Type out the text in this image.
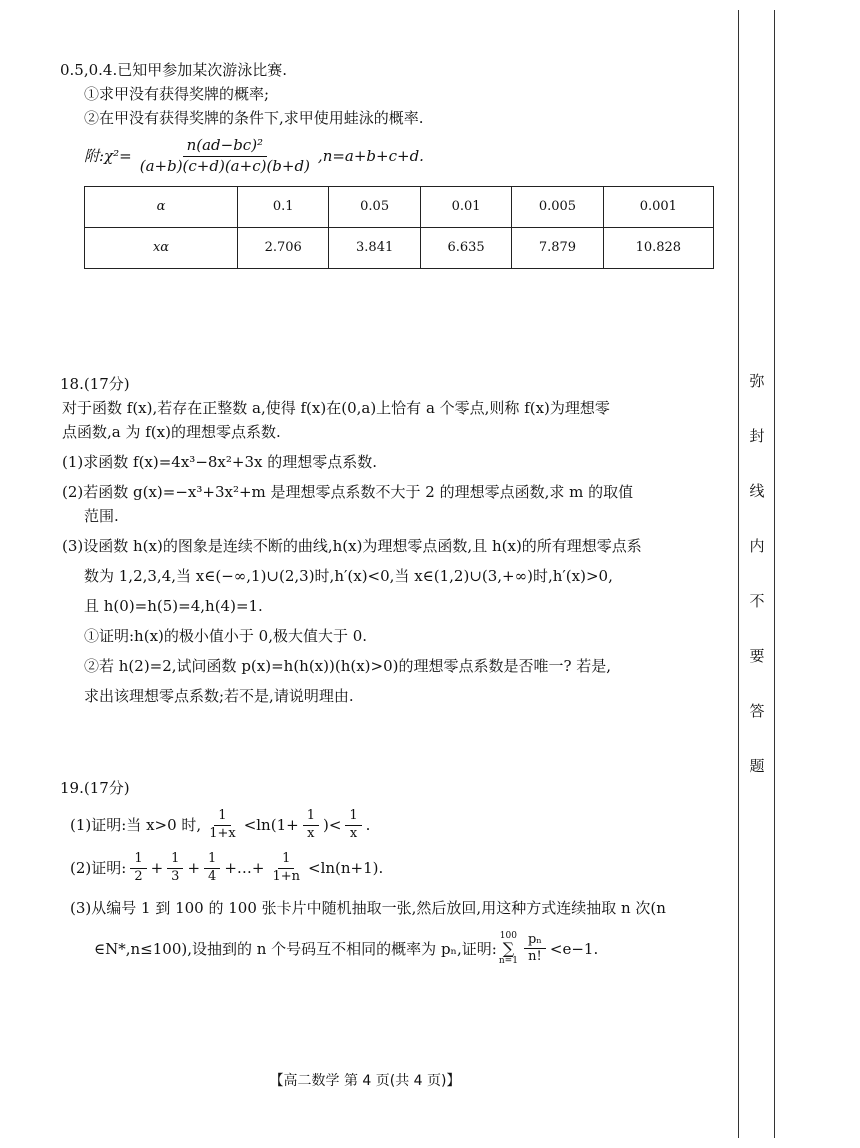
0.5,0.4.已知甲参加某次游泳比赛.

①求甲没有获得奖牌的概率;

②在甲没有获得奖牌的条件下,求甲使用蛙泳的概率.

附:χ²= $\frac{\text{n(ad−bc)²}}{(a+b)(c+d)(a+c)(b+d)} ,n=a+b+c+d$.
α	0.1	0.05	0.01	0.005	0.001
xα	2.706	3.841	6.635	7.879	10.828

18.(17分)

对于函数 f(x),若存在正整数 a,使得 f(x)在(0,a)上恰有 a 个零点,则称 f(x)为理想零

点函数,a 为 f(x)的理想零点系数.

(1)求函数 f(x)=4x³−8x²+3x 的理想零点系数.

(2)若函数 g(x)=−x³+3x²+m 是理想零点系数不大于 2 的理想零点函数,求 m 的取值

范围.

(3)设函数 h(x)的图象是连续不断的曲线,h(x)为理想零点函数,且 h(x)的所有理想零点系

数为 1,2,3,4,当 x∈(−∞,1)∪(2,3)时,h′(x)<0,当 x∈(1,2)∪(3,+∞)时,h′(x)>0,

且 h(0)=h(5)=4,h(4)=1.

①证明:h(x)的极小值小于 0,极大值大于 0.

②若 h(2)=2,试问函数 p(x)=h(h(x))(h(x)>0)的理想零点系数是否唯一? 若是,

求出该理想零点系数;若不是,请说明理由.

19.(17分)

(1)证明:当 x>0 时, $\frac{1}{1+x} <\ln(1+ \frac{1}{x}$ )< $\frac{1}{x}$ .
(2)证明: $\frac{1}{2} + \frac{1}{3} + \frac{1}{4}$ +…+ $\frac{1}{1+n} <\ln(n+1)$.

(3)从编号 1 到 100 的 100 张卡片中随机抽取一张,然后放回,用这种方式连续抽取 n 次(n

∈N*,n≤100),设抽到的 n 个号码互不相同的概率为 pₙ,证明:
100
∑
$n=1 \frac{\text{pₙ}}{n!} <e-1$.
弥
封
线
内
不
要
答
题
【高二数学 第 4 页(共 4 页)】
